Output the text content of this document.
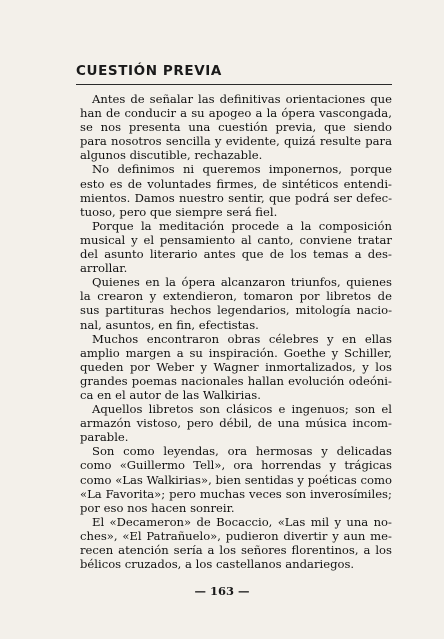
CUESTIÓN PREVIA
Antes de señalar las definitivas orientaciones que
han de conducir a su apogeo a la ópera vascongada,
se nos presenta una cuestión previa, que siendo
para nosotros sencilla y evidente, quizá resulte para
algunos discutible, rechazable.
No definimos ni queremos imponernos, porque
esto es de voluntades firmes, de sintéticos entendi-
mientos. Damos nuestro sentir, que podrá ser defec-
tuoso, pero que siempre será fiel.
Porque la meditación procede a la composición
musical y el pensamiento al canto, conviene tratar
del asunto literario antes que de los temas a des-
arrollar.
Quienes en la ópera alcanzaron triunfos, quienes
la crearon y extendieron, tomaron por libretos de
sus partituras hechos legendarios, mitología nacio-
nal, asuntos, en fin, efectistas.
Muchos encontraron obras célebres y en ellas
amplio margen a su inspiración. Goethe y Schiller,
queden por Weber y Wagner inmortalizados, y los
grandes poemas nacionales hallan evolución odeóni-
ca en el autor de las Walkirias.
Aquellos libretos son clásicos e ingenuos; son el
armazón vistoso, pero débil, de una música incom-
parable.
Son como leyendas, ora hermosas y delicadas
como «Guillermo Tell», ora horrendas y trágicas
como «Las Walkirias», bien sentidas y poéticas como
«La Favorita»; pero muchas veces son inverosímiles;
por eso nos hacen sonreir.
El «Decameron» de Bocaccio, «Las mil y una no-
ches», «El Patrañuelo», pudieron divertir y aun me-
recen atención sería a los señores florentinos, a los
bélicos cruzados, a los castellanos andariegos.
— 163 —
